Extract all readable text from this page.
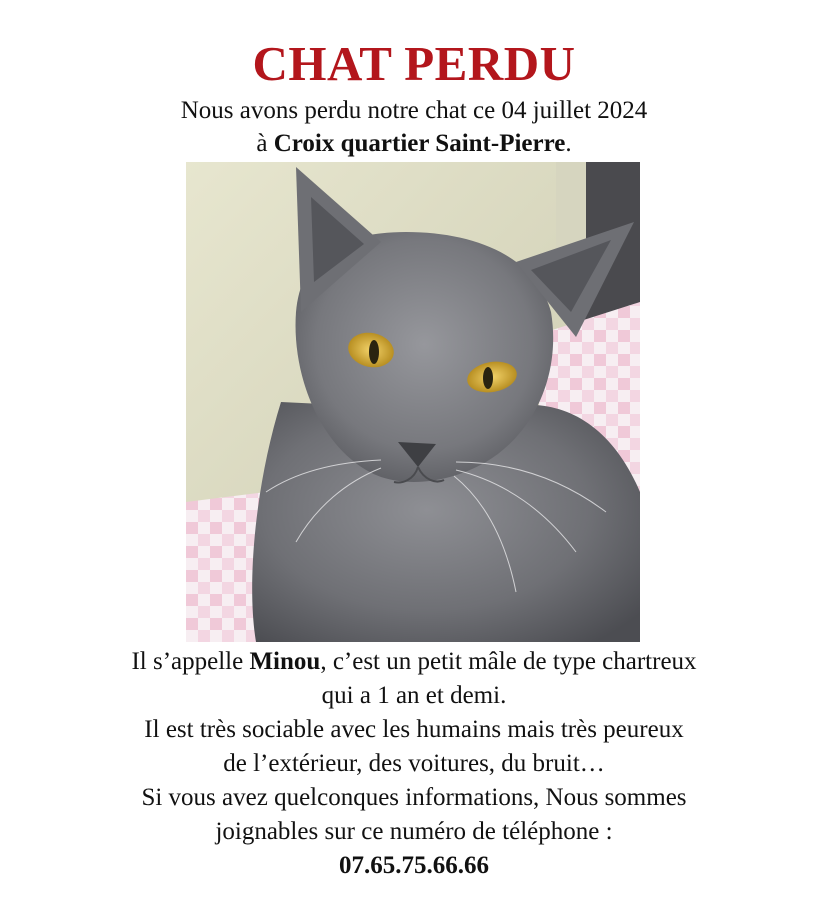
CHAT PERDU
Nous avons perdu notre chat ce 04 juillet 2024
à Croix quartier Saint-Pierre.
Il s’appelle Minou, c’est un petit mâle de type chartreux
qui a 1 an et demi.
Il est très sociable avec les humains mais très peureux
de l’extérieur, des voitures, du bruit…
Si vous avez quelconques informations, Nous sommes
joignables sur ce numéro de téléphone :
07.65.75.66.66
